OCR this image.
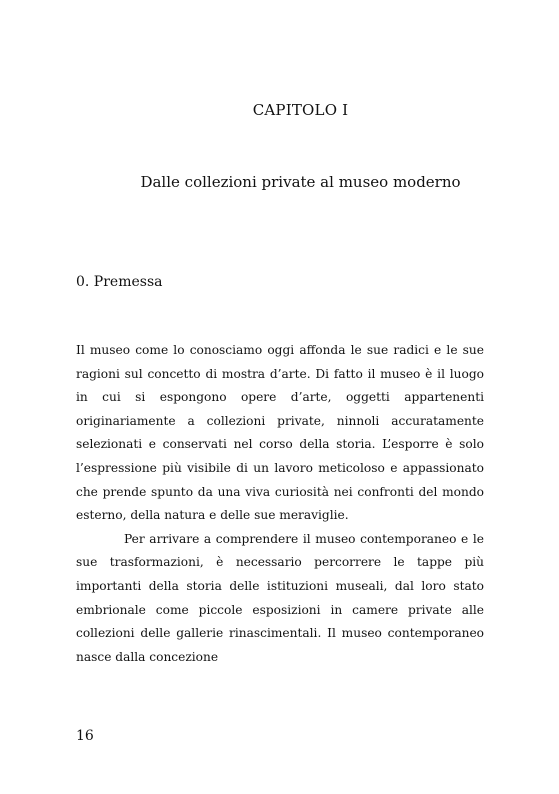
CAPITOLO I
Dalle collezioni private al museo moderno
0. Premessa

Il museo come lo conosciamo oggi affonda le sue radici e le sue ragioni sul concetto di mostra d’arte. Di fatto il museo è il luogo in cui si espongono opere d’arte, oggetti appartenenti originariamente a collezioni private, ninnoli accuratamente selezionati e conservati nel corso della storia. L’esporre è solo l’espressione più visibile di un lavoro meticoloso e appassionato che prende spunto da una viva curiosità nei confronti del mondo esterno, della natura e delle sue meraviglie.

Per arrivare a comprendere il museo contemporaneo e le sue trasformazioni, è necessario percorrere le tappe più importanti della storia delle istituzioni museali, dal loro stato embrionale come piccole esposizioni in camere private alle collezioni delle gallerie rinascimentali. Il museo contemporaneo nasce dalla concezione

16
